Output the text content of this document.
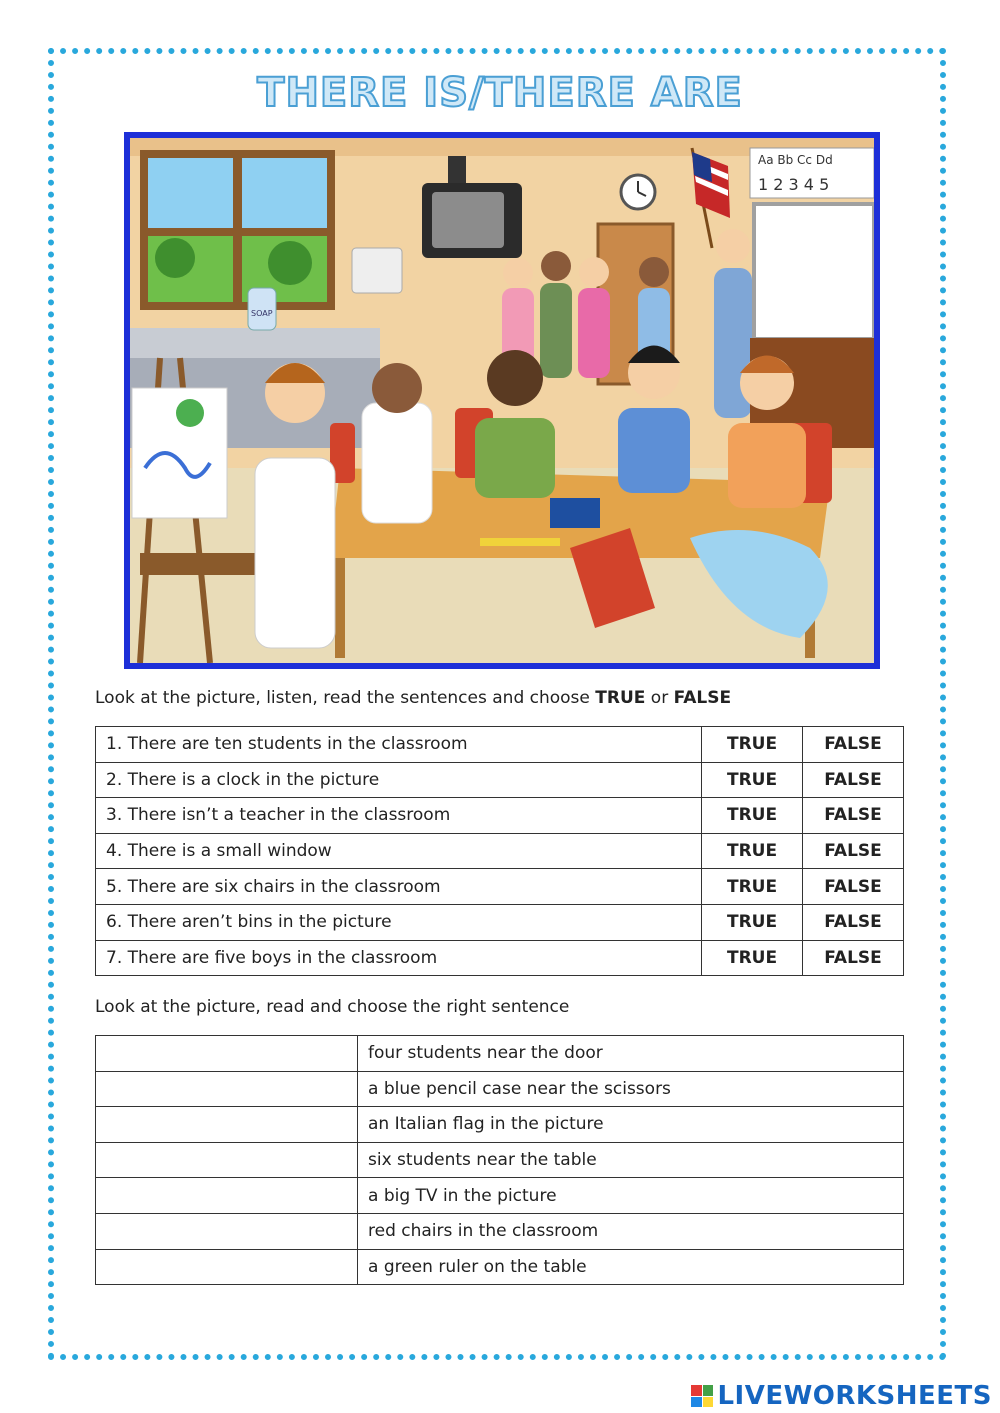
THERE IS/THERE ARE
Aa Bb Cc Dd
1 2 3 4 5
SOAP
Look at the picture, listen, read the sentences and choose TRUE or FALSE
1. There are ten students in the classroom	TRUE	FALSE
2. There is a clock in the picture	TRUE	FALSE
3. There isn’t a teacher in the classroom	TRUE	FALSE
4. There is a small window	TRUE	FALSE
5. There are six chairs in the classroom	TRUE	FALSE
6. There aren’t bins in the picture	TRUE	FALSE
7. There are five boys in the classroom	TRUE	FALSE
Look at the picture, read and choose the right sentence
	four students near the door
	a blue pencil case near the scissors
	an Italian flag in the picture
	six students near the table
	a big TV in the picture
	red chairs in the classroom
	a green ruler on the table
LIVEWORKSHEETS
